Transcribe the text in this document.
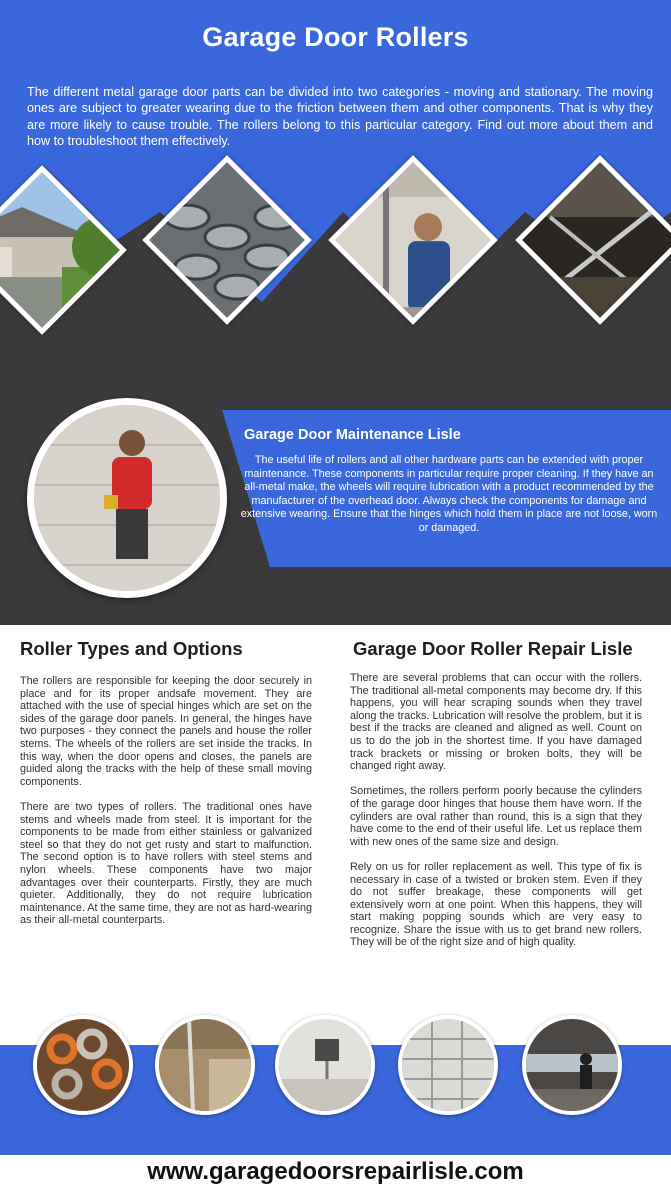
Garage Door Rollers
The different metal garage door parts can be divided into two categories - moving and stationary. The moving ones are subject to greater wearing due to the friction between them and other components. That is why they are more likely to cause trouble. The rollers belong to this particular category. Find out more about them and how to troubleshoot them effectively.
Garage Door Maintenance Lisle
The useful life of rollers and all other hardware parts can be extended with proper maintenance. These components in particular require proper cleaning. If they have an all-metal make, the wheels will require lubrication with a product recommended by the manufacturer of the overhead door. Always check the components for damage and extensive wearing. Ensure that the hinges which hold them in place are not loose, worn or damaged.
Roller Types and Options

The rollers are responsible for keeping the door securely in place and for its proper andsafe movement. They are attached with the use of special hinges which are set on the sides of the garage door panels. In general, the hinges have two purposes - they connect the panels and house the roller stems. The wheels of the rollers are set inside the tracks. In this way, when the door opens and closes, the panels are guided along the tracks with the help of these small moving components.

There are two types of rollers. The traditional ones have stems and wheels made from steel. It is important for the components to be made from either stainless or galvanized steel so that they do not get rusty and start to malfunction. The second option is to have rollers with steel stems and nylon wheels. These components have two major advantages over their counterparts. Firstly, they are much quieter. Additionally, they do not require lubrication maintenance. At the same time, they are not as hard-wearing as their all-metal counterparts.

Garage Door Roller Repair Lisle

There are several problems that can occur with the rollers. The traditional all-metal components may become dry. If this happens, you will hear scraping sounds when they travel along the tracks. Lubrication will resolve the problem, but it is best if the tracks are cleaned and aligned as well. Count on us to do the job in the shortest time. If you have damaged track brackets or missing or broken bolts, they will be changed right away.

Sometimes, the rollers perform poorly because the cylinders of the garage door hinges that house them have worn. If the cylinders are oval rather than round, this is a sign that they have come to the end of their useful life. Let us replace them with new ones of the same size and design.

Rely on us for roller replacement as well. This type of fix is necessary in case of a twisted or broken stem. Even if they do not suffer breakage, these components will get extensively worn at one point. When this happens, they will start making popping sounds which are very easy to recognize. Share the issue with us to get brand new rollers. They will be of the right size and of high quality.

www.garagedoorsrepairlisle.com
